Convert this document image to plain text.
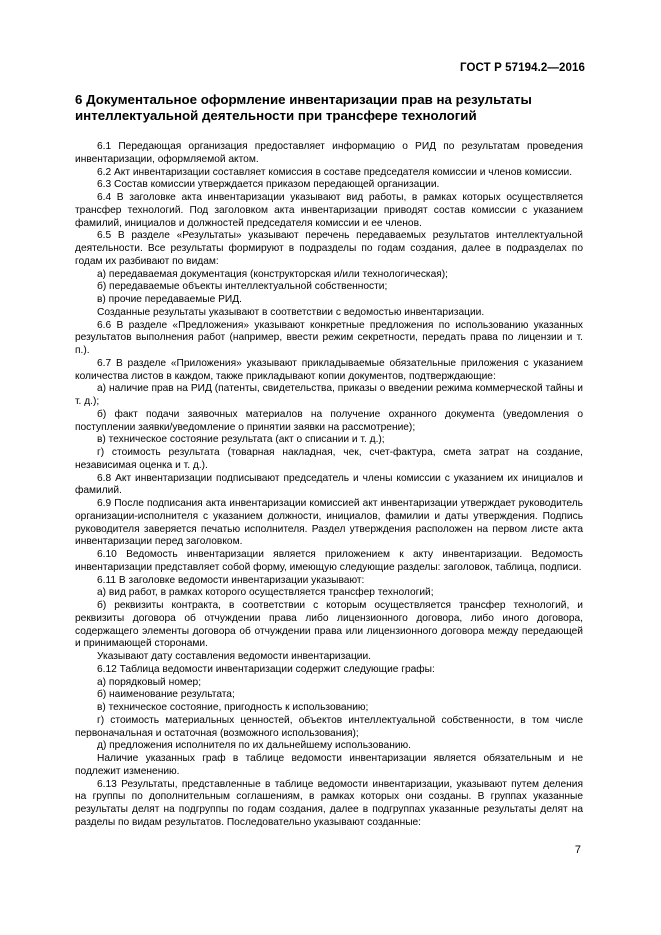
ГОСТ Р 57194.2—2016
6 Документальное оформление инвентаризации прав на результаты интеллектуальной деятельности при трансфере технологий

6.1 Передающая организация предоставляет информацию о РИД по результатам проведения инвентаризации, оформляемой актом.

6.2 Акт инвентаризации составляет комиссия в составе председателя комиссии и членов комиссии.

6.3 Состав комиссии утверждается приказом передающей организации.

6.4 В заголовке акта инвентаризации указывают вид работы, в рамках которых осуществляется трансфер технологий. Под заголовком акта инвентаризации приводят состав комиссии с указанием фамилий, инициалов и должностей председателя комиссии и ее членов.

6.5 В разделе «Результаты» указывают перечень передаваемых результатов интеллектуальной деятельности. Все результаты формируют в подразделы по годам создания, далее в подразделах по годам их разбивают по видам:

а) передаваемая документация (конструкторская и/или технологическая);

б) передаваемые объекты интеллектуальной собственности;

в) прочие передаваемые РИД.

Созданные результаты указывают в соответствии с ведомостью инвентаризации.

6.6 В разделе «Предложения» указывают конкретные предложения по использованию указанных результатов выполнения работ (например, ввести режим секретности, передать права по лицензии и т. п.).

6.7 В разделе «Приложения» указывают прикладываемые обязательные приложения с указанием количества листов в каждом, также прикладывают копии документов, подтверждающие:

а) наличие прав на РИД (патенты, свидетельства, приказы о введении режима коммерческой тайны и т. д.);

б) факт подачи заявочных материалов на получение охранного документа (уведомления о поступлении заявки/уведомление о принятии заявки на рассмотрение);

в) техническое состояние результата (акт о списании и т. д.);

г) стоимость результата (товарная накладная, чек, счет-фактура, смета затрат на создание, независимая оценка и т. д.).

6.8 Акт инвентаризации подписывают председатель и члены комиссии с указанием их инициалов и фамилий.

6.9 После подписания акта инвентаризации комиссией акт инвентаризации утверждает руководитель организации-исполнителя с указанием должности, инициалов, фамилии и даты утверждения. Подпись руководителя заверяется печатью исполнителя. Раздел утверждения расположен на первом листе акта инвентаризации перед заголовком.

6.10 Ведомость инвентаризации является приложением к акту инвентаризации. Ведомость инвентаризации представляет собой форму, имеющую следующие разделы: заголовок, таблица, подписи.

6.11 В заголовке ведомости инвентаризации указывают:

а) вид работ, в рамках которого осуществляется трансфер технологий;

б) реквизиты контракта, в соответствии с которым осуществляется трансфер технологий, и реквизиты договора об отчуждении права либо лицензионного договора, либо иного договора, содержащего элементы договора об отчуждении права или лицензионного договора между передающей и принимающей сторонами.

Указывают дату составления ведомости инвентаризации.

6.12 Таблица ведомости инвентаризации содержит следующие графы:

а) порядковый номер;

б) наименование результата;

в) техническое состояние, пригодность к использованию;

г) стоимость материальных ценностей, объектов интеллектуальной собственности, в том числе первоначальная и остаточная (возможного использования);

д) предложения исполнителя по их дальнейшему использованию.

Наличие указанных граф в таблице ведомости инвентаризации является обязательным и не подлежит изменению.

6.13 Результаты, представленные в таблице ведомости инвентаризации, указывают путем деления на группы по дополнительным соглашениям, в рамках которых они созданы. В группах указанные результаты делят на подгруппы по годам создания, далее в подгруппах указанные результаты делят на разделы по видам результатов. Последовательно указывают созданные:

7
